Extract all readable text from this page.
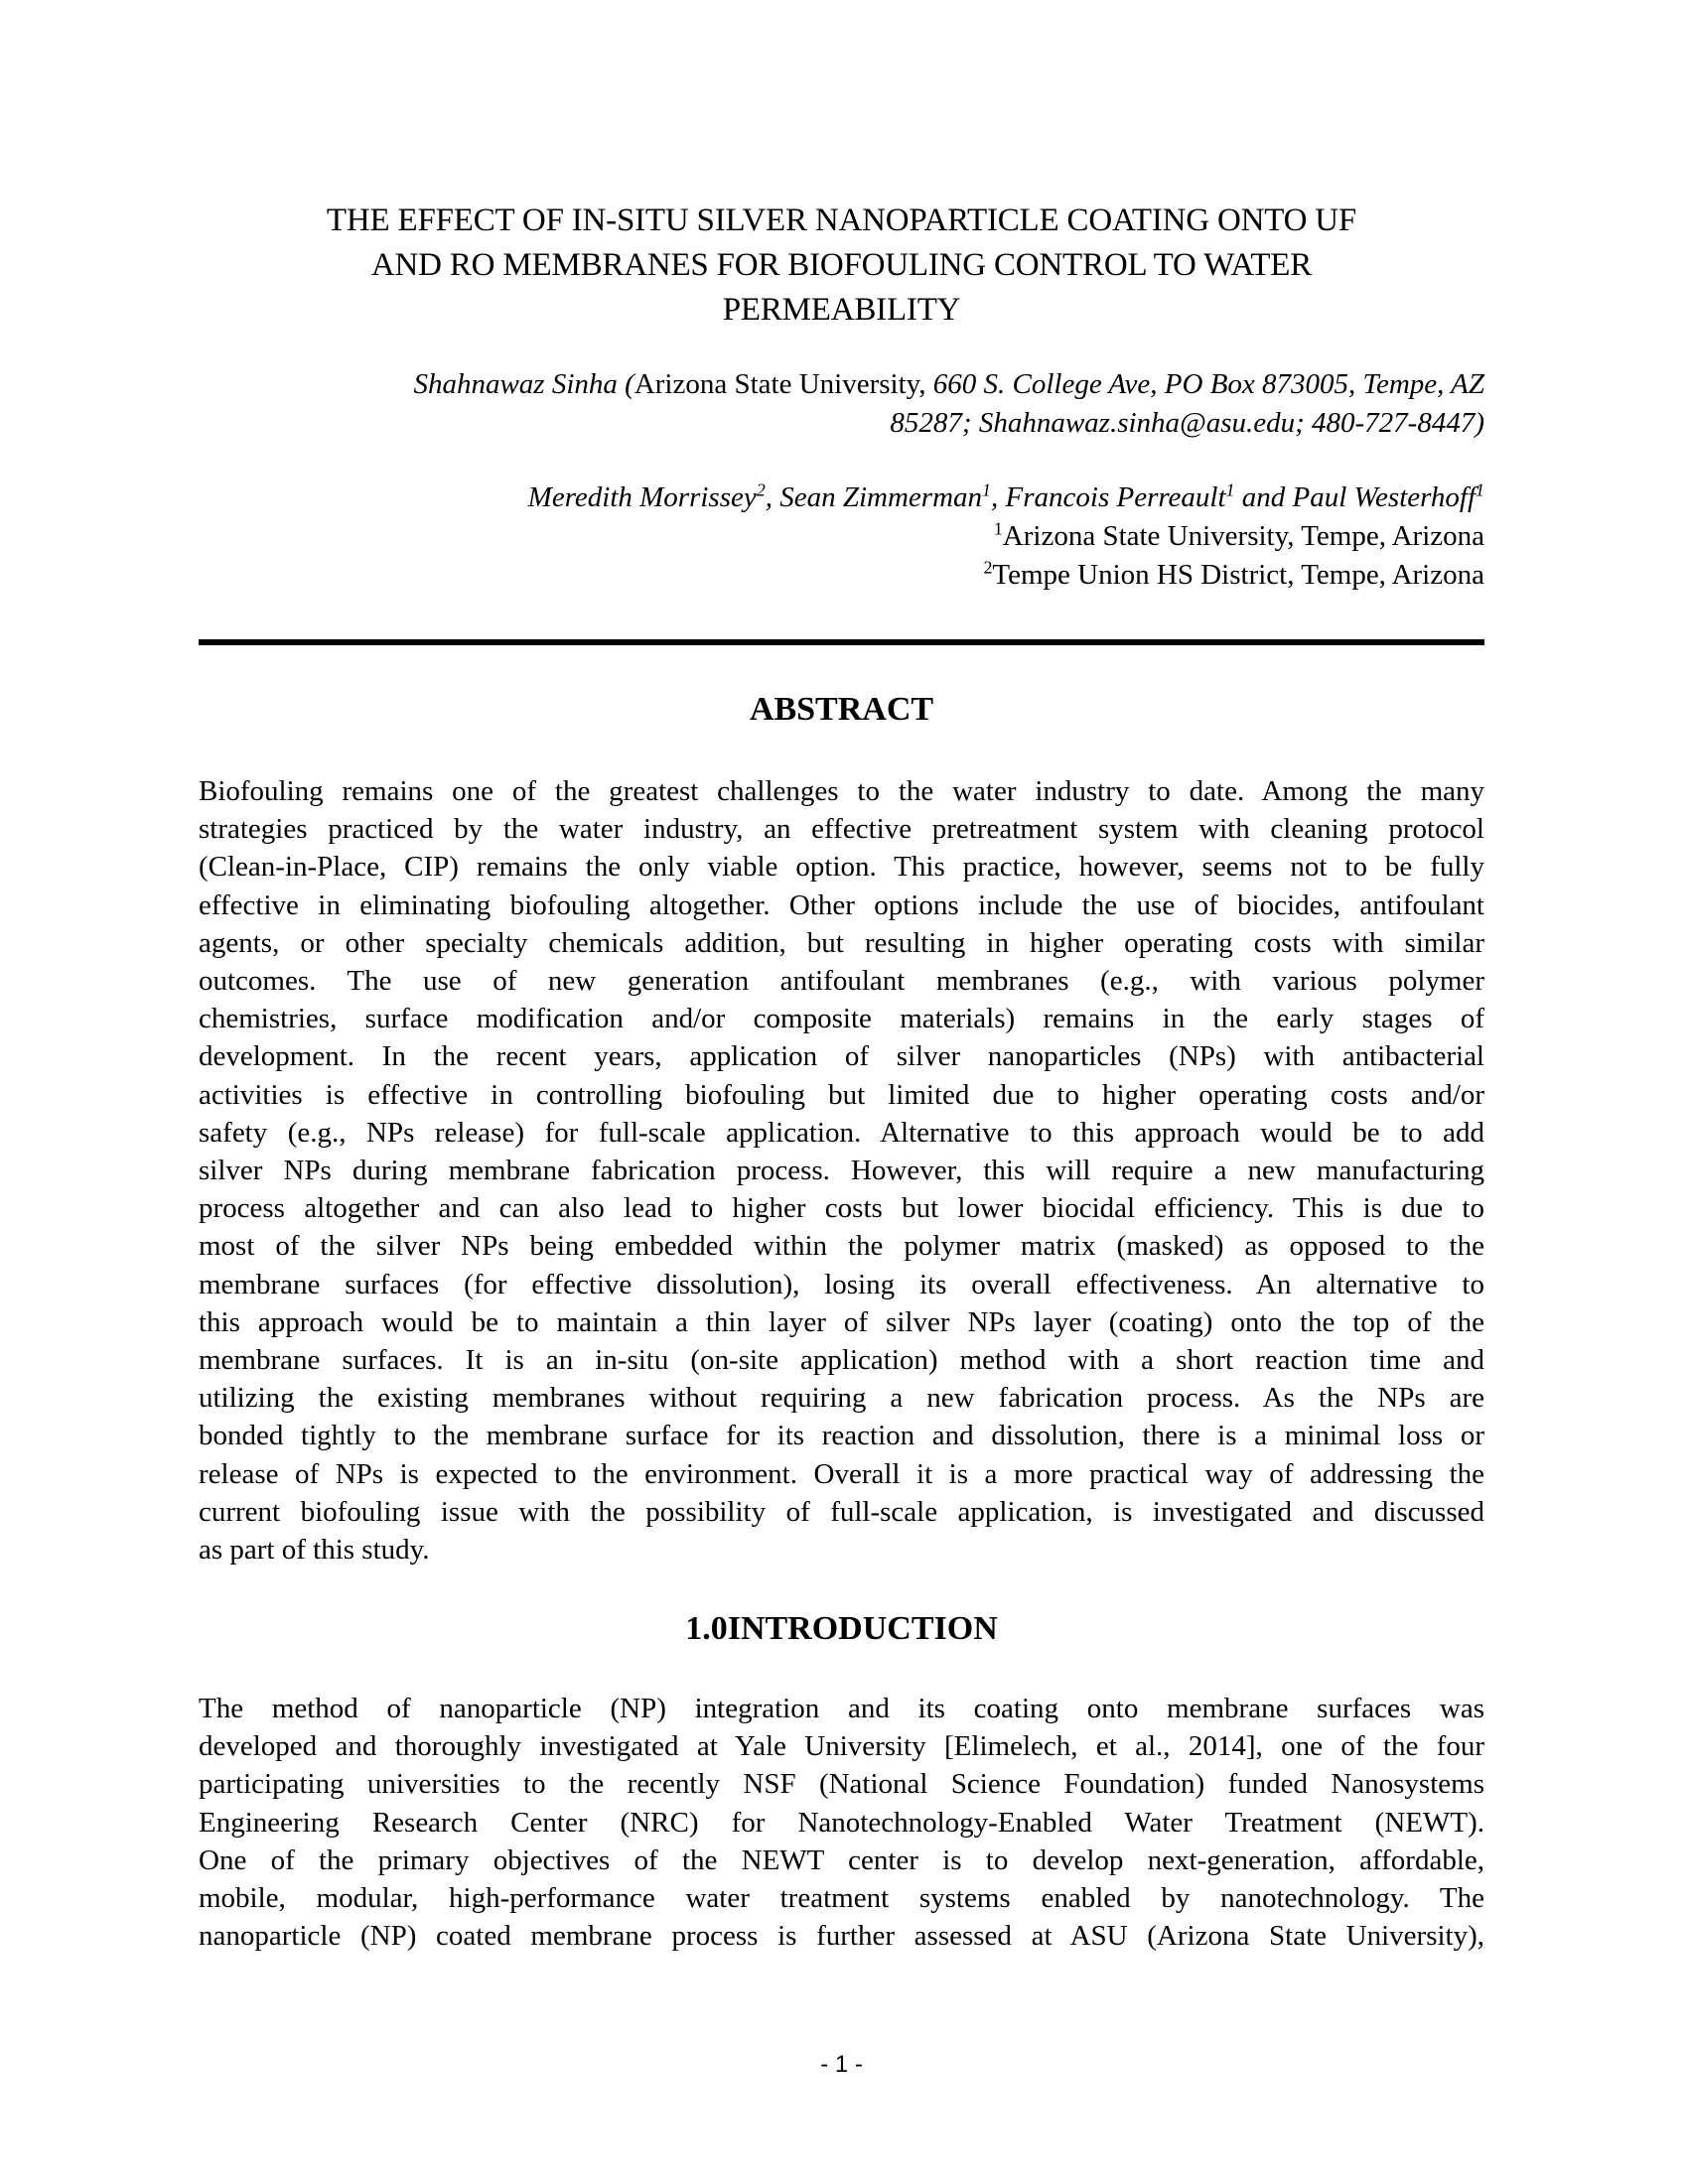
THE EFFECT OF IN-SITU SILVER NANOPARTICLE COATING ONTO UF
AND RO MEMBRANES FOR BIOFOULING CONTROL TO WATER
PERMEABILITY
Shahnawaz Sinha (Arizona State University, 660 S. College Ave, PO Box 873005, Tempe, AZ
85287; Shahnawaz.sinha@asu.edu; 480-727-8447)
Meredith Morrissey$^2$, Sean Zimmerman$^1$, Francois Perreault$^1$ and Paul Westerhoff$^1$
$^1$Arizona State University, Tempe, Arizona
$^2$Tempe Union HS District, Tempe, Arizona
ABSTRACT
Biofouling remains one of the greatest challenges to the water industry to date. Among the many
strategies practiced by the water industry, an effective pretreatment system with cleaning protocol
(Clean-in-Place, CIP) remains the only viable option. This practice, however, seems not to be fully
effective in eliminating biofouling altogether. Other options include the use of biocides, antifoulant
agents, or other specialty chemicals addition, but resulting in higher operating costs with similar
outcomes. The use of new generation antifoulant membranes (e.g., with various polymer
chemistries, surface modification and/or composite materials) remains in the early stages of
development. In the recent years, application of silver nanoparticles (NPs) with antibacterial
activities is effective in controlling biofouling but limited due to higher operating costs and/or
safety (e.g., NPs release) for full-scale application. Alternative to this approach would be to add
silver NPs during membrane fabrication process. However, this will require a new manufacturing
process altogether and can also lead to higher costs but lower biocidal efficiency. This is due to
most of the silver NPs being embedded within the polymer matrix (masked) as opposed to the
membrane surfaces (for effective dissolution), losing its overall effectiveness. An alternative to
this approach would be to maintain a thin layer of silver NPs layer (coating) onto the top of the
membrane surfaces. It is an in-situ (on-site application) method with a short reaction time and
utilizing the existing membranes without requiring a new fabrication process. As the NPs are
bonded tightly to the membrane surface for its reaction and dissolution, there is a minimal loss or
release of NPs is expected to the environment. Overall it is a more practical way of addressing the
current biofouling issue with the possibility of full-scale application, is investigated and discussed
as part of this study.
1.0INTRODUCTION
The method of nanoparticle (NP) integration and its coating onto membrane surfaces was
developed and thoroughly investigated at Yale University [Elimelech, et al., 2014], one of the four
participating universities to the recently NSF (National Science Foundation) funded Nanosystems
Engineering Research Center (NRC) for Nanotechnology-Enabled Water Treatment (NEWT).
One of the primary objectives of the NEWT center is to develop next-generation, affordable,
mobile, modular, high-performance water treatment systems enabled by nanotechnology. The
nanoparticle (NP) coated membrane process is further assessed at ASU (Arizona State University),
- 1 -
